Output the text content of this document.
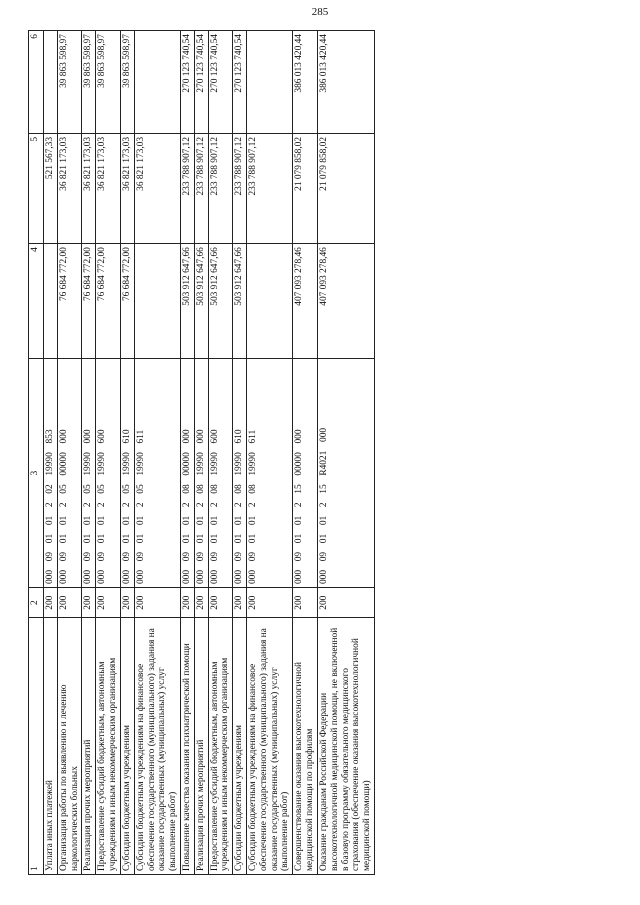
285
1	2	3	4	5	6
Уплата иных платежей	200	000  09  01  01  2  02  19990  853		521 567,33	
Организация работы по выявлению и лечению наркологических больных	200	000  09  01  01  2  05  00000  000	76 684 772,00	36 821 173,03	39 863 598,97
Реализация прочих мероприятий	200	000  09  01  01  2  05  19990  000	76 684 772,00	36 821 173,03	39 863 598,97
Предоставление субсидий бюджетным, автономным учреждениям и иным некоммерческим организациям	200	000  09  01  01  2  05  19990  600	76 684 772,00	36 821 173,03	39 863 598,97
Субсидии бюджетным учреждениям	200	000  09  01  01  2  05  19990  610	76 684 772,00	36 821 173,03	39 863 598,97
Субсидии бюджетным учреждениям на финансовое обеспечение государственного (муниципального) задания на оказание государственных (муниципальных) услуг (выполнение работ)	200	000  09  01  01  2  05  19990  611		36 821 173,03	
Повышение качества оказания психиатрической помощи	200	000  09  01  01  2  08  00000  000	503 912 647,66	233 788 907,12	270 123 740,54
Реализация прочих мероприятий	200	000  09  01  01  2  08  19990  000	503 912 647,66	233 788 907,12	270 123 740,54
Предоставление субсидий бюджетным, автономным учреждениям и иным некоммерческим организациям	200	000  09  01  01  2  08  19990  600	503 912 647,66	233 788 907,12	270 123 740,54
Субсидии бюджетным учреждениям	200	000  09  01  01  2  08  19990  610	503 912 647,66	233 788 907,12	270 123 740,54
Субсидии бюджетным учреждениям на финансовое обеспечение государственного (муниципального) задания на оказание государственных (муниципальных) услуг (выполнение работ)	200	000  09  01  01  2  08  19990  611		233 788 907,12	
Совершенствование оказания высокотехнологичной медицинской помощи по профилям	200	000  09  01  01  2  15  00000  000	407 093 278,46	21 079 858,02	386 013 420,44
Оказание гражданам Российской Федерации высокотехнологичной медицинской помощи, не включенной в базовую программу обязательного медицинского страхования (обеспечение оказания высокотехнологичной медицинской помощи)	200	000  09  01  01  2  15  R4021  000	407 093 278,46	21 079 858,02	386 013 420,44
